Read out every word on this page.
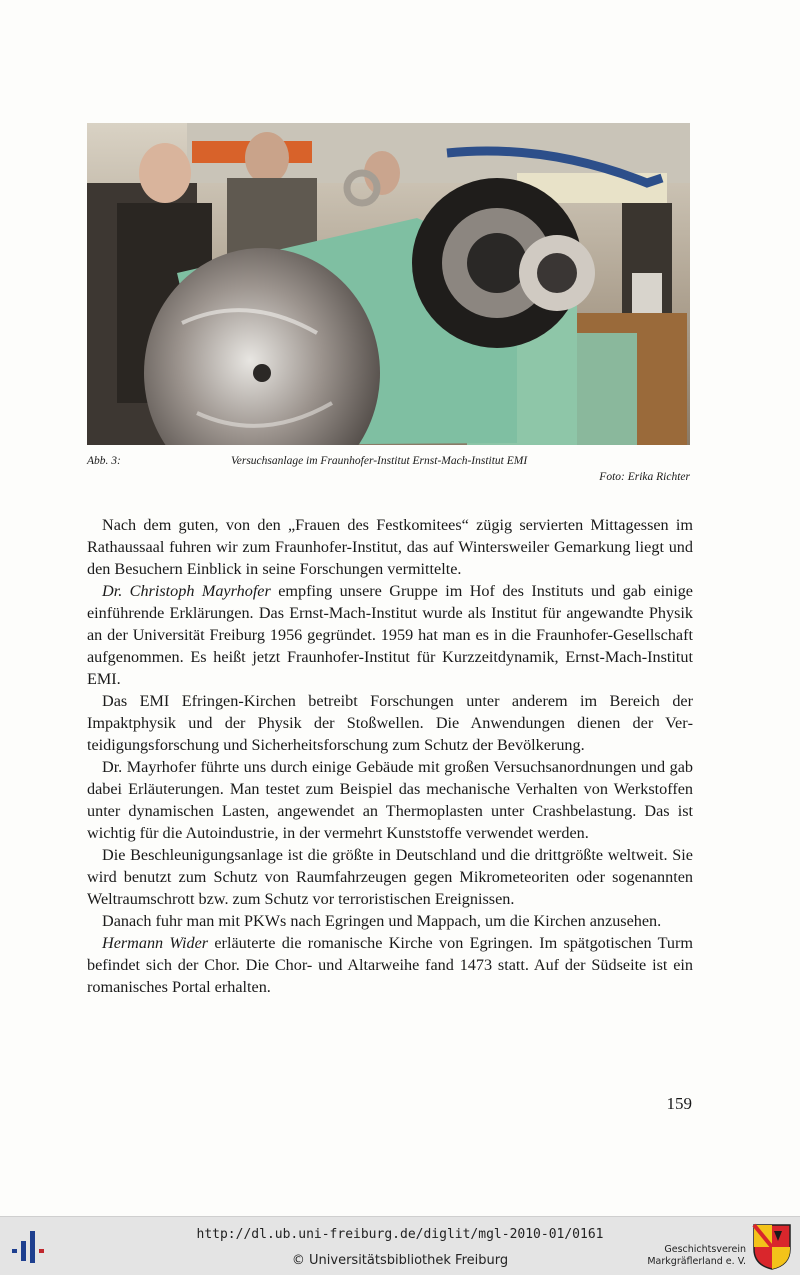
Abb. 3:	Versuchsanlage im Fraunhofer-Institut Ernst-Mach-Institut EMI
Foto: Erika Richter

Nach dem guten, von den „Frauen des Festkomitees“ zügig servierten Mittagessen im Rathaussaal fuhren wir zum Fraunhofer-Institut, das auf Wintersweiler Gemarkung liegt und den Besuchern Einblick in seine Forschungen vermittelte.

Dr. Christoph Mayrhofer empfing unsere Gruppe im Hof des Instituts und gab einige einführende Erklärungen. Das Ernst-Mach-Institut wurde als Institut für angewandte Physik an der Universität Freiburg 1956 gegründet. 1959 hat man es in die Fraunhofer-Gesellschaft aufgenommen. Es heißt jetzt Fraunhofer-Institut für Kurzzeitdynamik, Ernst-Mach-Institut EMI.

Das EMI Efringen-Kirchen betreibt Forschungen unter anderem im Bereich der Impaktphysik und der Physik der Stoßwellen. Die Anwendungen dienen der Verteidigungsforschung und Sicherheitsforschung zum Schutz der Bevölkerung.

Dr. Mayrhofer führte uns durch einige Gebäude mit großen Versuchsanordnungen und gab dabei Erläuterungen. Man testet zum Beispiel das mechanische Verhalten von Werkstoffen unter dynamischen Lasten, angewendet an Thermoplasten unter Crashbelastung. Das ist wichtig für die Autoindustrie, in der vermehrt Kunststoffe verwendet werden.

Die Beschleunigungsanlage ist die größte in Deutschland und die drittgrößte weltweit. Sie wird benutzt zum Schutz von Raumfahrzeugen gegen Mikrometeoriten oder sogenannten Weltraumschrott bzw. zum Schutz vor terroristischen Ereignissen.

Danach fuhr man mit PKWs nach Egringen und Mappach, um die Kirchen anzusehen.

Hermann Wider erläuterte die romanische Kirche von Egringen. Im spätgotischen Turm befindet sich der Chor. Die Chor- und Altarweihe fand 1473 statt. Auf der Südseite ist ein romanisches Portal erhalten.

159
http://dl.ub.uni-freiburg.de/diglit/mgl-2010-01/0161
© Universitätsbibliothek Freiburg
Geschichtsverein
Markgräflerland e. V.
